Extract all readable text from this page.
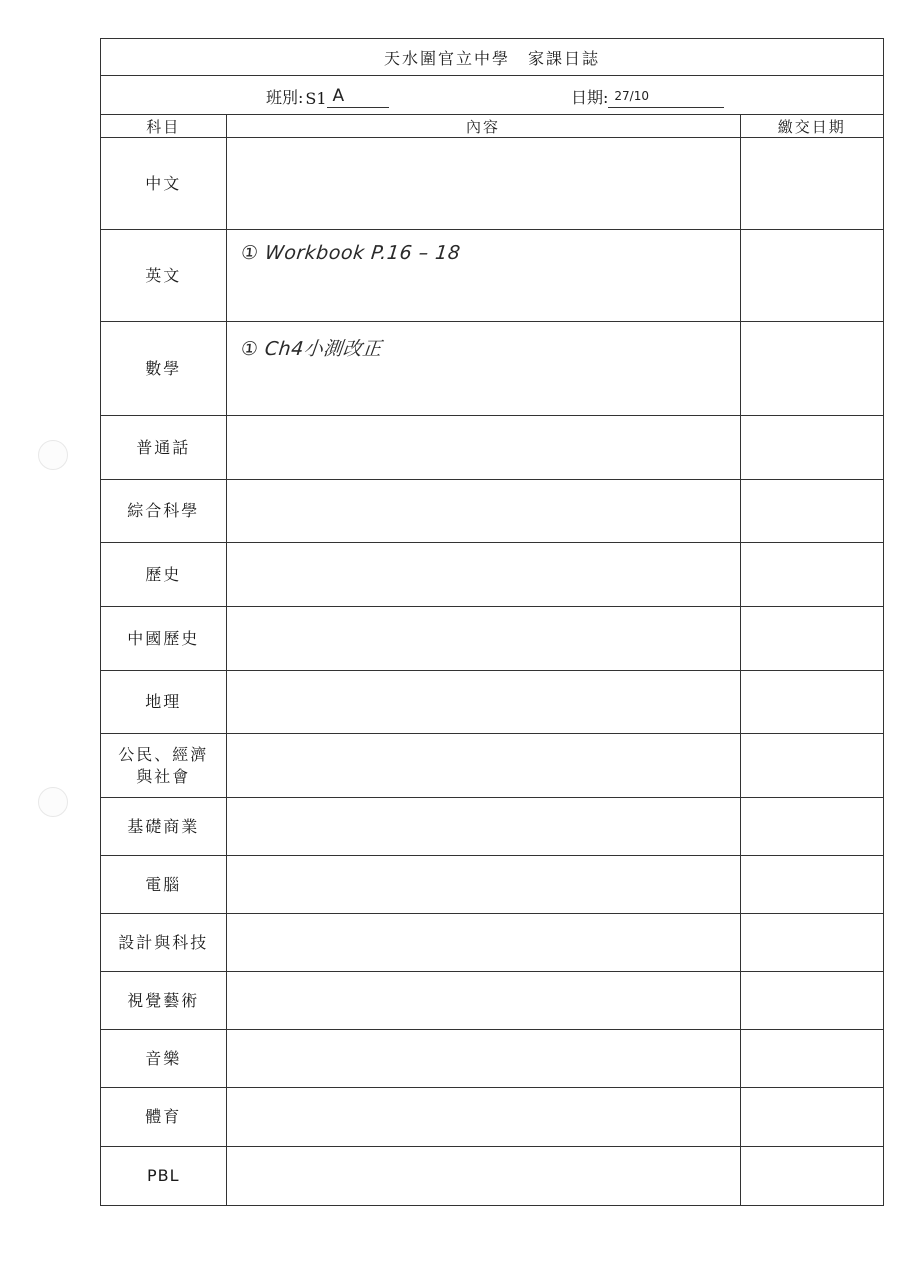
天水圍官立中學 家課日誌
班別: S1 A	日期: 27/10
科目	內容	繳交日期
中文	

英文	① Workbook P.16 – 18	

數學	① Ch4小測改正	

普通話	

綜合科學	

歷史	

中國歷史	

地理	

公民、經濟與社會	

基礎商業	

電腦	

設計與科技	

視覺藝術	

音樂	

體育	

PBL	
